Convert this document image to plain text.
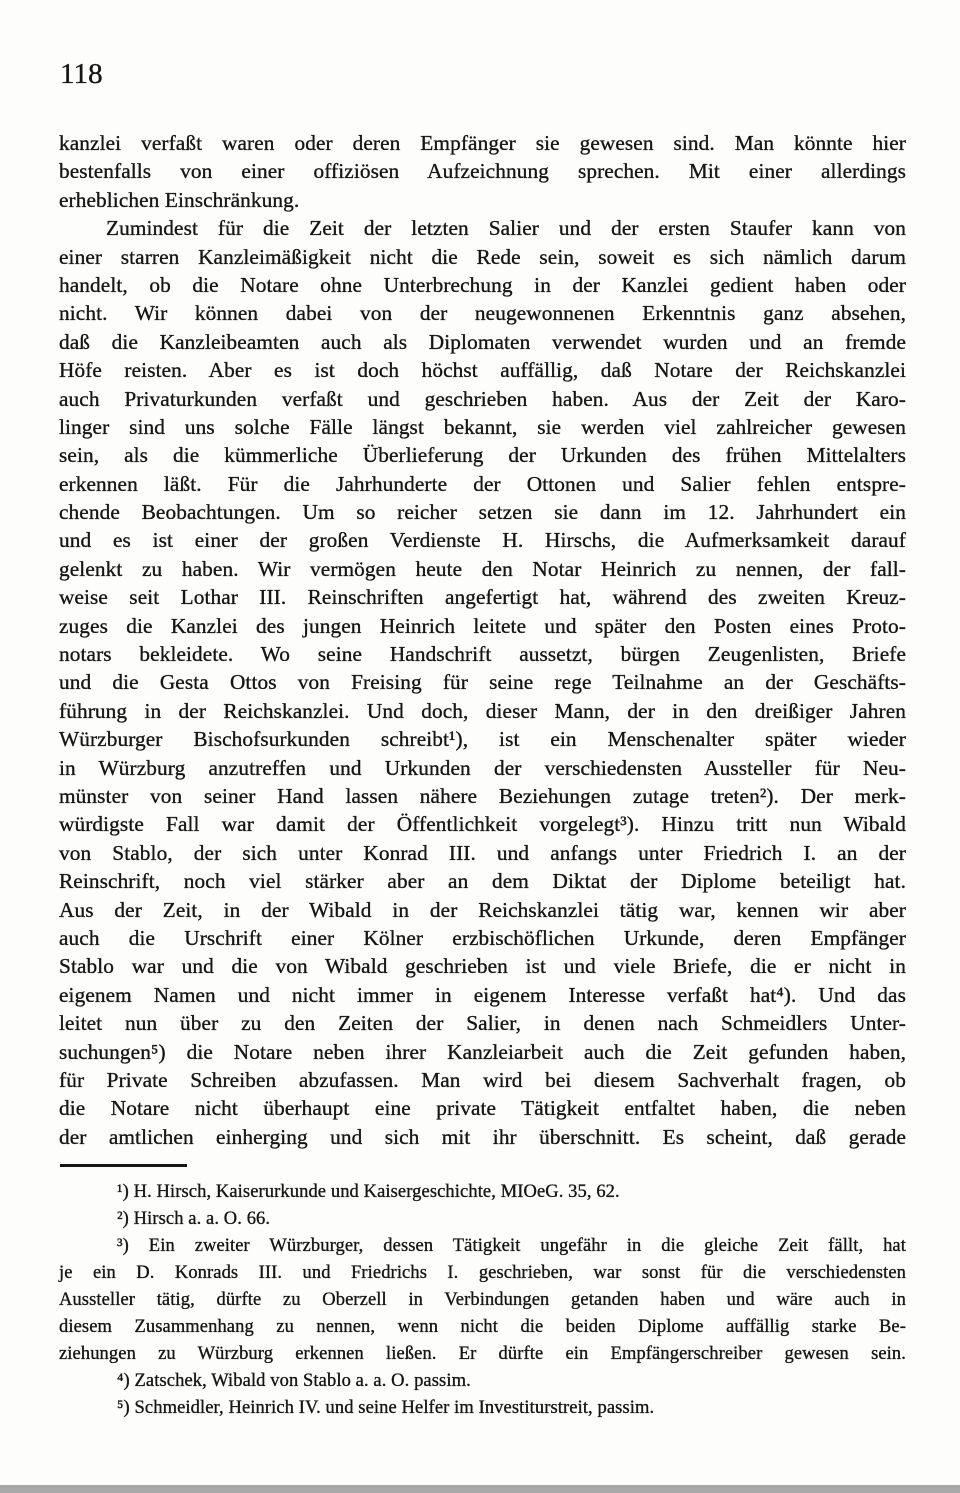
118
kanzlei verfaßt waren oder deren Empfänger sie gewesen sind. Man könnte hier
bestenfalls von einer offiziösen Aufzeichnung sprechen. Mit einer allerdings
erheblichen Einschränkung.
Zumindest für die Zeit der letzten Salier und der ersten Staufer kann von
einer starren Kanzleimäßigkeit nicht die Rede sein, soweit es sich nämlich darum
handelt, ob die Notare ohne Unterbrechung in der Kanzlei gedient haben oder
nicht. Wir können dabei von der neugewonnenen Erkenntnis ganz absehen,
daß die Kanzleibeamten auch als Diplomaten verwendet wurden und an fremde
Höfe reisten. Aber es ist doch höchst auffällig, daß Notare der Reichskanzlei
auch Privaturkunden verfaßt und geschrieben haben. Aus der Zeit der Karo-
linger sind uns solche Fälle längst bekannt, sie werden viel zahlreicher gewesen
sein, als die kümmerliche Überlieferung der Urkunden des frühen Mittelalters
erkennen läßt. Für die Jahrhunderte der Ottonen und Salier fehlen entspre-
chende Beobachtungen. Um so reicher setzen sie dann im 12. Jahrhundert ein
und es ist einer der großen Verdienste H. Hirschs, die Aufmerksamkeit darauf
gelenkt zu haben. Wir vermögen heute den Notar Heinrich zu nennen, der fall-
weise seit Lothar III. Reinschriften angefertigt hat, während des zweiten Kreuz-
zuges die Kanzlei des jungen Heinrich leitete und später den Posten eines Proto-
notars bekleidete. Wo seine Handschrift aussetzt, bürgen Zeugenlisten, Briefe
und die Gesta Ottos von Freising für seine rege Teilnahme an der Geschäfts-
führung in der Reichskanzlei. Und doch, dieser Mann, der in den dreißiger Jahren
Würzburger Bischofsurkunden schreibt¹), ist ein Menschenalter später wieder
in Würzburg anzutreffen und Urkunden der verschiedensten Aussteller für Neu-
münster von seiner Hand lassen nähere Beziehungen zutage treten²). Der merk-
würdigste Fall war damit der Öffentlichkeit vorgelegt³). Hinzu tritt nun Wibald
von Stablo, der sich unter Konrad III. und anfangs unter Friedrich I. an der
Reinschrift, noch viel stärker aber an dem Diktat der Diplome beteiligt hat.
Aus der Zeit, in der Wibald in der Reichskanzlei tätig war, kennen wir aber
auch die Urschrift einer Kölner erzbischöflichen Urkunde, deren Empfänger
Stablo war und die von Wibald geschrieben ist und viele Briefe, die er nicht in
eigenem Namen und nicht immer in eigenem Interesse verfaßt hat⁴). Und das
leitet nun über zu den Zeiten der Salier, in denen nach Schmeidlers Unter-
suchungen⁵) die Notare neben ihrer Kanzleiarbeit auch die Zeit gefunden haben,
für Private Schreiben abzufassen. Man wird bei diesem Sachverhalt fragen, ob
die Notare nicht überhaupt eine private Tätigkeit entfaltet haben, die neben
der amtlichen einherging und sich mit ihr überschnitt. Es scheint, daß gerade
¹) H. Hirsch, Kaiserurkunde und Kaisergeschichte, MIOeG. 35, 62.
²) Hirsch a. a. O. 66.
³) Ein zweiter Würzburger, dessen Tätigkeit ungefähr in die gleiche Zeit fällt, hat
je ein D. Konrads III. und Friedrichs I. geschrieben, war sonst für die verschiedensten
Aussteller tätig, dürfte zu Oberzell in Verbindungen getanden haben und wäre auch in
diesem Zusammenhang zu nennen, wenn nicht die beiden Diplome auffällig starke Be-
ziehungen zu Würzburg erkennen ließen. Er dürfte ein Empfängerschreiber gewesen sein.
⁴) Zatschek, Wibald von Stablo a. a. O. passim.
⁵) Schmeidler, Heinrich IV. und seine Helfer im Investiturstreit, passim.
